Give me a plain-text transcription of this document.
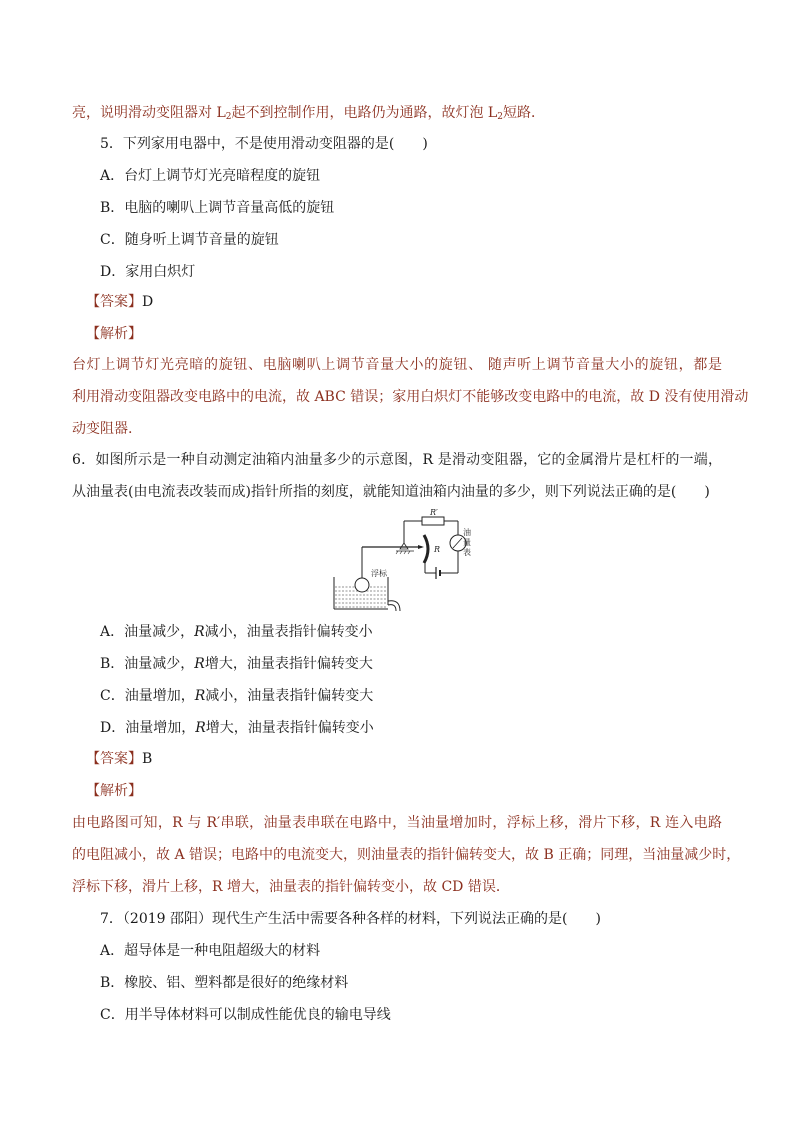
亮，说明滑动变阻器对 $L_2$起不到控制作用，电路仍为通路，故灯泡 $L_2$短路．
5．下列家用电器中，不是使用滑动变阻器的是(　　)
A．台灯上调节灯光亮暗程度的旋钮
B．电脑的喇叭上调节音量高低的旋钮
C．随身听上调节音量的旋钮
D．家用白炽灯
【答案】D
【解析】
台灯上调节灯光亮暗的旋钮、电脑喇叭上调节音量大小的旋钮、 随声听上调节音量大小的旋钮，都是
利用滑动变阻器改变电路中的电流，故 ABC 错误；家用白炽灯不能够改变电路中的电流，故 D 没有使用滑动
动变阻器.
6．如图所示是一种自动测定油箱内油量多少的示意图，R 是滑动变阻器，它的金属滑片是杠杆的一端，
从油量表(由电流表改装而成)指针所指的刻度，就能知道油箱内油量的多少，则下列说法正确的是(　　)
R′
R
油量表
浮标
A．油量减少，R减小，油量表指针偏转变小
B．油量减少，R增大，油量表指针偏转变大
C．油量增加，R减小，油量表指针偏转变大
D．油量增加，R增大，油量表指针偏转变小
【答案】B
【解析】
由电路图可知，R 与 R′串联，油量表串联在电路中，当油量增加时，浮标上移，滑片下移，R 连入电路
的电阻减小，故 A 错误；电路中的电流变大，则油量表的指针偏转变大，故 B 正确；同理，当油量减少时，
浮标下移，滑片上移，R 增大，油量表的指针偏转变小，故 CD 错误．
7．（2019 邵阳）现代生产生活中需要各种各样的材料，下列说法正确的是(　　)
A．超导体是一种电阻超级大的材料
B．橡胶、铝、塑料都是很好的绝缘材料
C．用半导体材料可以制成性能优良的输电导线
